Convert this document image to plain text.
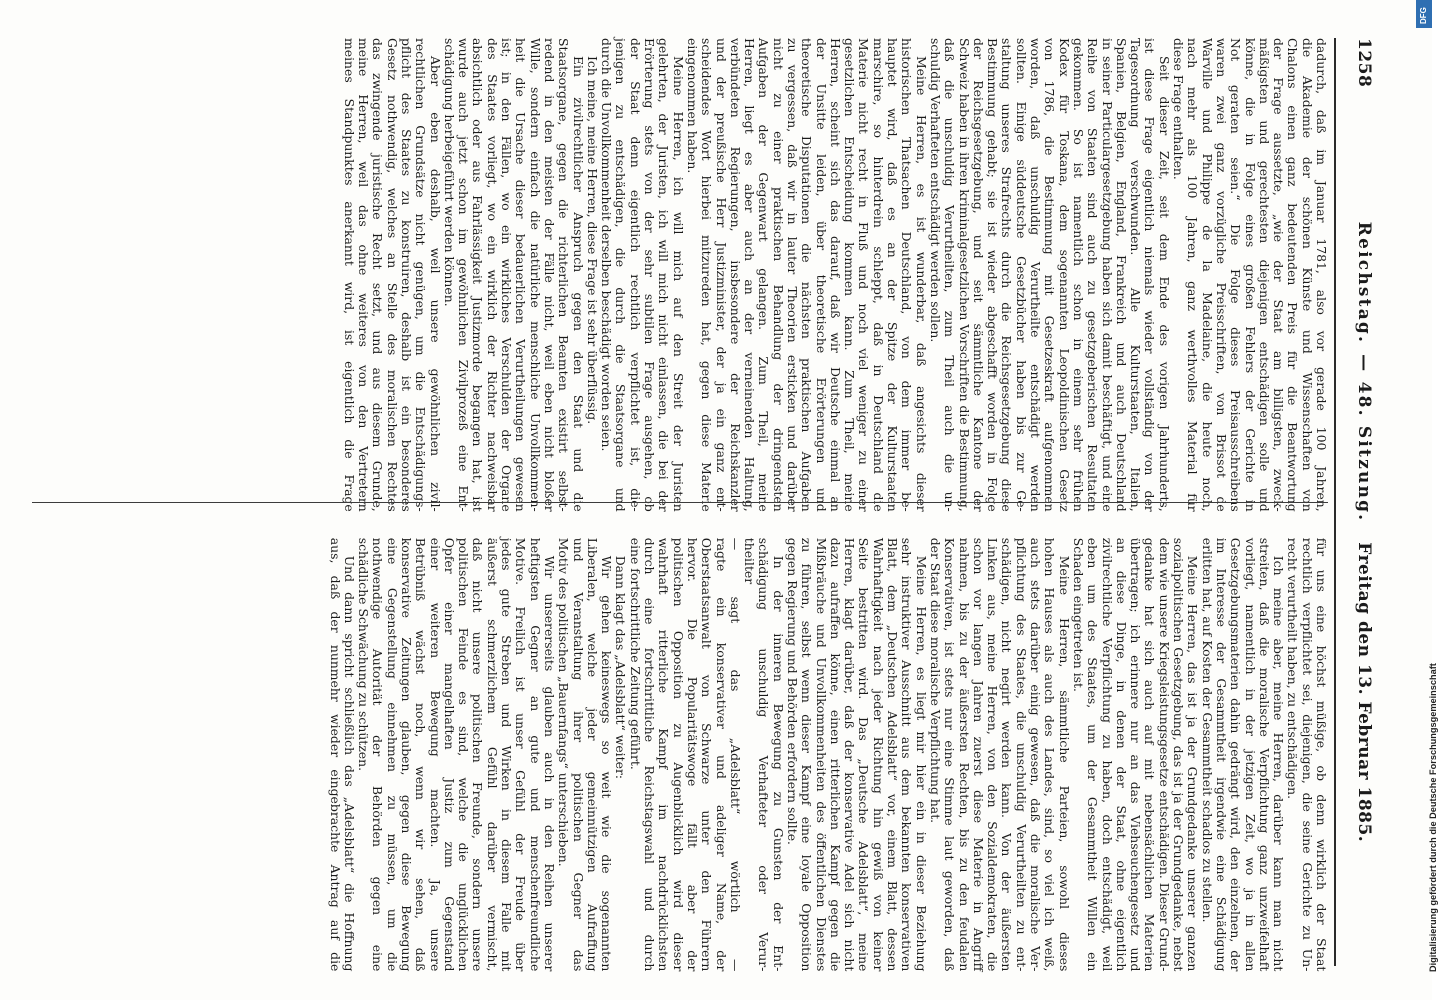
1258
Reichstag.—48. Sitzung.Freitag den 13. Februar 1885.
dadurch, daß im Januar 1781, also vor gerade 100 Jahren,
die Akademie der schönen Künste und Wissenschaften von
Chalons einen ganz bedeutenden Preis für die Beantwortung
der Frage aussetzte, „wie der Staat am billigsten, zweck-
mäßigsten und gerechtesten diejenigen entschädigen solle und
könne, die in Folge eines großen Fehlers der Gerichte in
Not geraten seien.“ Die Folge dieses Preisausschreibens
waren zwei ganz vorzügliche Preisschriften, von Brissot de
Warville und Philippe de la Madelaine, die heute noch,
nach mehr als 100 Jahren, ganz werthvolles Material für
diese Frage enthalten.
Seit dieser Zeit, seit dem Ende des vorigen Jahrhunderts,
ist diese Frage eigentlich niemals wieder vollständig von der
Tagesordnung verschwunden. Alle Kulturstaaten, Italien,
Spanien, Belgien, England, Frankreich und auch Deutschland
in seiner Particulargesetzgebung haben sich damit beschäftigt, und eine
Reihe von Staaten sind auch zu gesetzgeberischen Resultaten
gekommen. So ist namentlich schon in einem sehr frühen
Kodex für Toskana, dem sogenannten Leopoldinischen Gesetz
von 1786, die Bestimmung mit Gesetzeskraft aufgenommen
worden, daß unschuldig Verurtheilte entschädigt werden
sollten. Einige süddeutsche Gesetzbücher haben bis zur Ge-
staltung unseres Strafrechts durch die Reichsgesetzgebung diese
Bestimmung gehabt; sie ist wieder abgeschafft worden in Folge
der Reichsgesetzgebung, und seit sämmtliche Kantone der
Schweiz haben in ihren kriminalgesetzlichen Vorschriften die Bestimmung,
daß die unschuldig Verurtheilten, zum Theil auch die un-
schuldig Verhafteten entschädigt werden sollen.
Meine Herren, es ist wunderbar, daß angesichts dieser
historischen Thatsachen Deutschland, von dem immer be-
hauptet wird, daß es an der Spitze der Kulturstaaten
marschire, so hinterdrein schleppt, daß in Deutschland die
Materie nicht recht in Fluß und noch viel weniger zu einer
gesetzlichen Entscheidung kommen kann. Zum Theil, meine
Herren, scheint sich das darauf, daß wir Deutsche einmal an
der Unsitte leiden, über theoretische Erörterungen und
theoretische Disputationen die nächsten praktischen Aufgaben
zu vergessen, daß wir in lauter Theorien ersticken und darüber
nicht zu einer praktischen Behandlung der dringendsten
Aufgaben der Gegenwart gelangen. Zum Theil, meine
Herren, liegt es aber auch an der verneinenden Haltung,
verbündeten Regierungen, insbesondere der Reichskanzler
und der preußische Herr Justizminister, der ja ein ganz ent-
scheidendes Wort hierbei mitzureden hat, gegen diese Materie
eingenommen haben.
Meine Herren, ich will mich auf den Streit der Juristen
gelehrten, der Juristen, ich will mich nicht einlassen, die bei der
Erörterung stets von der sehr subtilen Frage ausgehen, ob
der Staat denn eigentlich rechtlich verpflichtet ist, die-
jenigen zu entschädigen, die durch die Staatsorgane und
durch die Unvollkommenheit derselben beschädigt worden seien.
Ich meine, meine Herren, diese Frage ist sehr überflüssig.
Ein zivilrechtlicher Anspruch gegen den Staat und die
Staatsorgane, gegen die richterlichen Beamten existirt selbst-
redend in den meisten der Fälle nicht, weil eben nicht bloßer
Wille, sondern einfach die natürliche menschliche Unvollkommen-
heit die Ursache dieser bedauerlichen Verurtheilungen gewesen
ist; in den Fällen, wo ein wirkliches Verschulden der Organe
des Staates vorliegt, wo ein wirklich der Richter nachweisbar
absichtlich oder aus Fahrlässigkeit Justizmorde begangen hat, ist
wurde auch jetzt schon im gewöhnlichen Zivilprozeß eine Ent-
schädigung herbeigeführt werden können.
Aber eben deshalb, weil unsere gewöhnlichen zivil-
rechtlichen Grundsätze nicht genügen, um die Entschädigungs-
pflicht des Staates zu konstruiren, deshalb ist ein besonderes
Gesetz nothwendig, welches an Stelle des moralischen Rechtes
das zwingende juristische Recht setzt, und aus diesem Grunde,
meine Herren, weil das ohne weiteres von den Vertretern
meines Standpunktes anerkannt wird, ist eigentlich die Frage
für uns eine höchst müßige, ob denn wirklich der Staat
rechtlich verpflichtet sei, diejenigen, die seine Gerichte zu Un-
recht verurtheilt haben, zu entschädigen.
Ich meine aber, meine Herren, darüber kann man nicht
streiten, daß die moralische Verpflichtung ganz unzweifelhaft
vorliegt, namentlich in der jetzigen Zeit, wo ja in allen
Gesetzgebungsmaterien dahin gedrängt wird, den einzelnen, der
im Interesse der Gesammtheit irgendwie eine Schädigung
erlitten hat, auf Kosten der Gesammtheit schadlos zu stellen.
Meine Herren, das ist ja der Grundgedanke unserer ganzen
sozialpolitischen Gesetzgebung, das ist ja der Grundgedanke, nebst
dem wie unsere Kriegsleistungsgesetze entschädigen. Dieser Grund-
gedanke hat sich auch auf mit nebensächlichen Materien
übertragen; ich erinnere nur an das Viehseuchengesetz und
an diese Dinge, in denen der Staat, ohne eigentlich
zivilrechtliche Verpflichtung zu haben, doch entschädigt, weil
eben um des Staates, um der Gesammtheit Willen ein
Schaden eingetreten ist.
Meine Herren, sämmtliche Parteien, sowohl dieses
hohen Hauses als auch des Landes, sind, so viel ich weiß,
auch stets darüber einig gewesen, daß die moralische Ver-
pflichtung des Staates, die unschuldig Verurtheilten zu ent-
schädigen, nicht negirt werden kann. Von der äußersten
Linken aus, meine Herren, von den Sozialdemokraten, die
schon vor langen Jahren zuerst diese Materie in Angriff
nahmen, bis zu der äußersten Rechten, bis zu den feudalen
Konservativen, ist stets nur eine Stimme laut geworden, daß
der Staat diese moralische Verpflichtung hat.
Meine Herren, es liegt mir hier ein in dieser Beziehung
sehr instruktiver Ausschnitt aus dem bekannten konservativen
Blatt, dem „Deutschen Adelsblatt“ vor, einem Blatt, dessen
Wahrhaftigkeit nach jeder Richtung hin gewiß von keiner
Seite bestritten wird. Das „Deutsche Adelsblatt“, meine
Herren, klagt darüber, daß der konservative Adel sich nicht
dazu aufraffen könne, einen ritterlichen Kampf gegen die
Mißbräuche und Unvollkommenheiten des öffentlichen Dienstes
zu führen, selbst wenn dieser Kampf eine loyale Opposition
gegen Regierung und Behörden erfordern sollte.
In der inneren Bewegung zu Gunsten der Ent-
schädigung unschuldig Verhafteter oder Verur-
theilter
— sagt das „Adelsblatt“ wörtlich —
ragte ein konservativer und adeliger Name, der
Oberstaatsanwalt von Schwarze unter den Führern
hervor. Die Popularitätswoge fällt aber der
politischen Opposition zu Augenblicklich wird dieser
wahrhaft ritterliche Kampf im nachdrücklichsten
durch eine fortschrittliche Reichstagswahl und durch
eine fortschrittliche Zeitung geführt.
Dann klagt das „Adelsblatt“ weiter:
Wir gehen keineswegs so weit wie die sogenannten
Liberalen, welche jeder gemeinnützigen Aufraffung
und Veranstaltung ihrer politischen Gegner das
Motiv des politischen „Bauernfangs“ unterschieben.
Wir unsererseits glauben auch in den Reihen unserer
heftigsten Gegner an gute und menschenfreundliche
Motive. Freilich ist unser Gefühl der Freude über
jedes gute Streben und Wirken in diesem Falle mit
äußerst schmerzlichem Gefühl darüber vermischt,
daß nicht unsere politischen Freunde, sondern unsere
politischen Feinde es sind, welche die unglücklichen
Opfer einer mangelhaften Justiz zum Gegenstand
einer weiteren Bewegung machten. Ja, unsere
Betrübniß wächst noch, wenn wir sehen, daß
konservative Zeitungen glauben, gegen diese Bewegung
eine Gegenstellung einnehmen zu müssen, um die
nothwendige Autorität der Behörden gegen eine
schädliche Schwächung zu schützen.
Und dann spricht schließlich das „Adelsblatt“ die Hoffnung
aus, daß der nunmehr wieder eingebrachte Antrag auf die
DFG
Digitalisierung gefördert durch die Deutsche Forschungsgemeinschaft
